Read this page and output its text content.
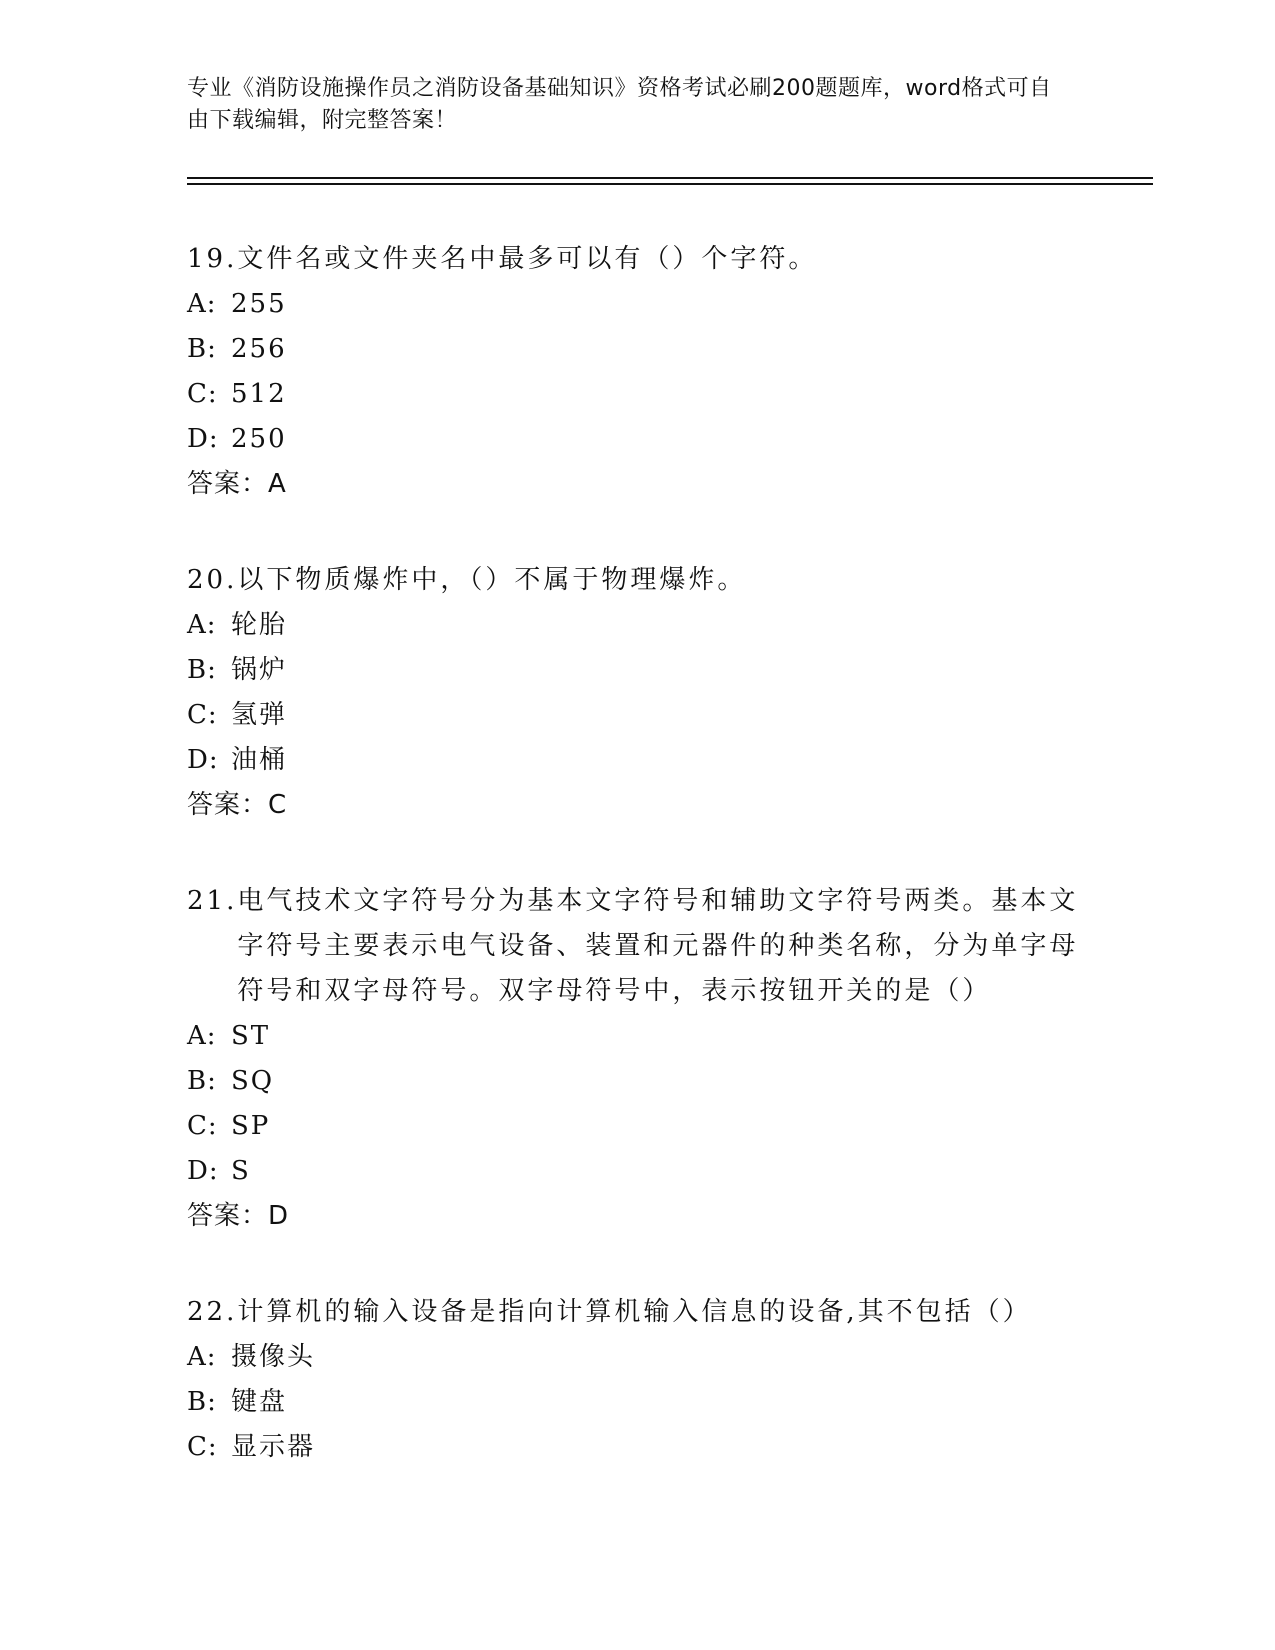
专业《消防设施操作员之消防设备基础知识》资格考试必刷200题题库，word格式可自由下载编辑，附完整答案！
19. 文件名或文件夹名中最多可以有（）个字符。
A: 255
B: 256
C: 512
D: 250
答案：A
20. 以下物质爆炸中，（）不属于物理爆炸。
A: 轮胎
B: 锅炉
C: 氢弹
D: 油桶
答案：C
21. 电气技术文字符号分为基本文字符号和辅助文字符号两类。基本文字符号主要表示电气设备、装置和元器件的种类名称，分为单字母符号和双字母符号。双字母符号中，表示按钮开关的是（）
A: ST
B: SQ
C: SP
D: S
答案：D
22. 计算机的输入设备是指向计算机输入信息的设备,其不包括（）
A: 摄像头
B: 键盘
C: 显示器
